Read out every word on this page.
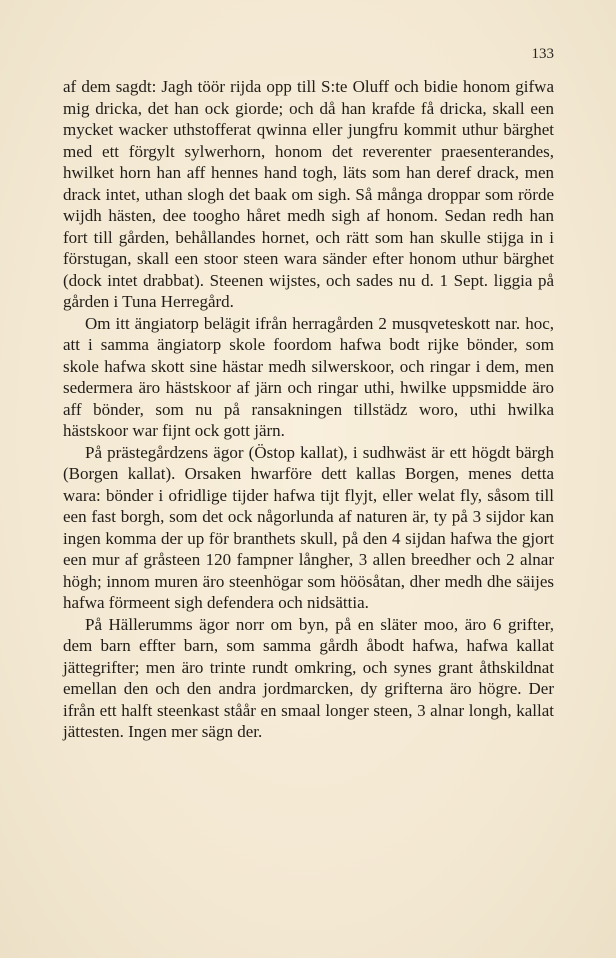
133

af dem sagdt: Jagh töör rijda opp till S:te Oluff och bidie honom gifwa mig dricka, det han ock giorde; och då han krafde få dricka, skall een mycket wacker uthstofferat qwinna eller jungfru kommit uthur bärghet med ett förgylt sylwerhorn, honom det reverenter praesenterandes, hwilket horn han aff hennes hand togh, läts som han deref drack, men drack intet, uthan slogh det baak om sigh. Så många droppar som rörde wijdh hästen, dee toogho håret medh sigh af honom. Sedan redh han fort till gården, behållandes hornet, och rätt som han skulle stijga in i förstugan, skall een stoor steen wara sänder efter honom uthur bärghet (dock intet drabbat). Steenen wijstes, och sades nu d. 1 Sept. liggia på gården i Tuna Herregård.

Om itt ängiatorp belägit ifrån herragården 2 musqveteskott nar. hoc, att i samma ängiatorp skole foordom hafwa bodt rijke bönder, som skole hafwa skott sine hästar medh silwerskoor, och ringar i dem, men sedermera äro hästskoor af järn och ringar uthi, hwilke uppsmidde äro aff bönder, som nu på ransakningen tillstädz woro, uthi hwilka hästskoor war fijnt ock gott järn.

På prästegårdzens ägor (Östop kallat), i sudhwäst är ett högdt bärgh (Borgen kallat). Orsaken hwarföre dett kallas Borgen, menes detta wara: bönder i ofridlige tijder hafwa tijt flyjt, eller welat fly, såsom till een fast borgh, som det ock någorlunda af naturen är, ty på 3 sijdor kan ingen komma der up för branthets skull, på den 4 sijdan hafwa the gjort een mur af gråsteen 120 fampner långher, 3 allen breedher och 2 alnar högh; innom muren äro steenhögar som höösåtan, dher medh dhe säijes hafwa förmeent sigh defendera och nidsättia.

På Hällerumms ägor norr om byn, på en släter moo, äro 6 grifter, dem barn effter barn, som samma gårdh åbodt hafwa, hafwa kallat jättegrifter; men äro trinte rundt omkring, och synes grant åthskildnat emellan den och den andra jordmarcken, dy grifterna äro högre. Der ifrån ett halft steenkast ståår en smaal longer steen, 3 alnar longh, kallat jättesten. Ingen mer sägn der.
